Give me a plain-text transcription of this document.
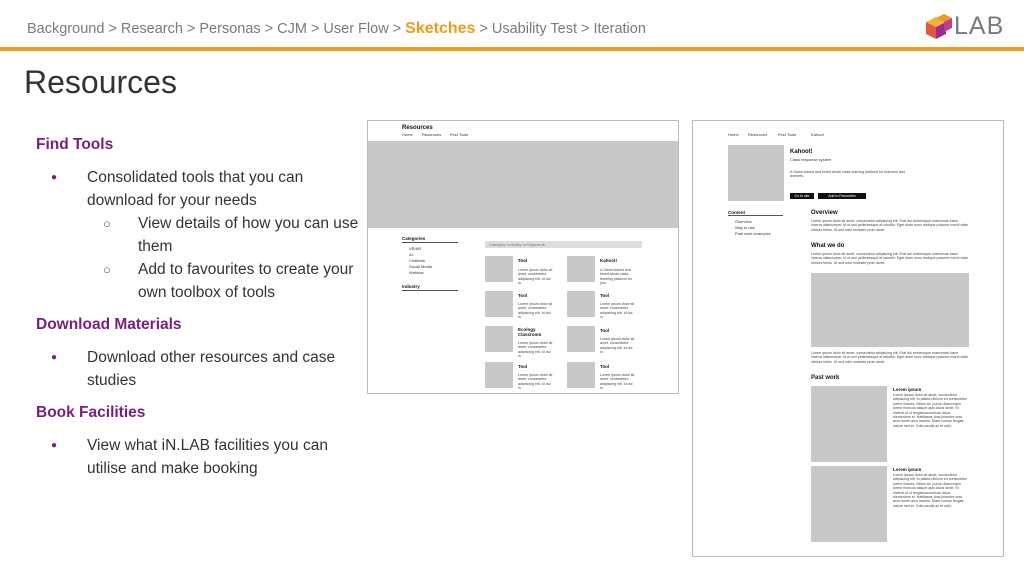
Background > Research > Personas > CJM > User Flow > Sketches > Usability Test > Iteration	LAB
Resources
Find Tools
● Consolidated tools that you can download for your needs
○ View details of how you can use them
○ Add to favourites to create your own toolbox of tools
Download Materials
● Download other resources and case studies
Book Facilities
● View what iN.LAB facilities you can utilise and make booking
Resources
Home Resources Find Tools
Categories
VR/AR
AI
Chatbots
Social Media
Webinar
Industry
Category, Industry or Keywords
Tool
Lorem ipsum dolor sit amet, consectetur adipiscing elit. Id dui in.
Kahoot!
A Game-based and timed whole class learning platform for you.
Tool
Lorem ipsum dolor sit amet, consectetur adipiscing elit. Id dui in.
Tool
Lorem ipsum dolor sit amet, consectetur adipiscing elit. Id dui in.
Ecology Classroom
Lorem ipsum dolor sit amet, consectetur adipiscing elit. Id dui in.
Tool
Lorem ipsum dolor sit amet, consectetur adipiscing elit. Id dui in.
Tool
Lorem ipsum dolor sit amet, consectetur adipiscing elit. Id dui in.
Tool
Lorem ipsum dolor sit amet, consectetur adipiscing elit. Id dui in.
Home Resources	Find Tools	Kahoot
Kahoot!
Class response system
A Game-based and timed whole class learning platform for teachers and learners.
Go to site	Add to Favourites
Content
Overview
Way to use
Past work examples
Overview
Lorem ipsum dolor sit amet, consectetur adipiscing elit. Erat dui scelerisque maecenas fusce viverra ullamcorper, id ut orci pellentesque et lobortis. Eget diam nunc tristique posuere morbi vitae ultrices tellus. Ut sed odio molestie proin amet.
What we do
Lorem ipsum dolor sit amet, consectetur adipiscing elit. Erat dui scelerisque maecenas fusce viverra ullamcorper, id ut orci pellentesque et lobortis. Eget diam nunc tristique posuere morbi vitae ultrices tellus. Ut sed odio molestie proin amet.
Lorem ipsum dolor sit amet, consectetur adipiscing elit. Erat dui scelerisque maecenas fusce viverra ullamcorper, id ut orci pellentesque et lobortis. Eget diam nunc tristique posuere morbi vitae ultrices tellus. Ut sed odio molestie proin amet.
Past work
Lorem ipsum
Lorem ipsum dolor sit amet, consectetur adipiscing elit. In platea ultrices eu consectetur lorem ultrices. Netus ac, purus ullamcorper lorem rhoncus aliquet quis lacus amet. Et viverra ut ut feugiat accumsan lacus elementum et. Habitasse duis posuere cras arcu morbi arcu mauris. Diam cursus feugiat natum sed et. Odio iaculis ac et odio.
Lorem ipsum
Lorem ipsum dolor sit amet, consectetur adipiscing elit. In platea ultrices eu consectetur lorem ultrices. Netus ac, purus ullamcorper lorem rhoncus aliquet quis lacus amet. Et viverra ut ut feugiat accumsan lacus elementum et. Habitasse duis posuere cras arcu morbi arcu mauris. Diam cursus feugiat natum sed et. Odio iaculis ac et odio.
